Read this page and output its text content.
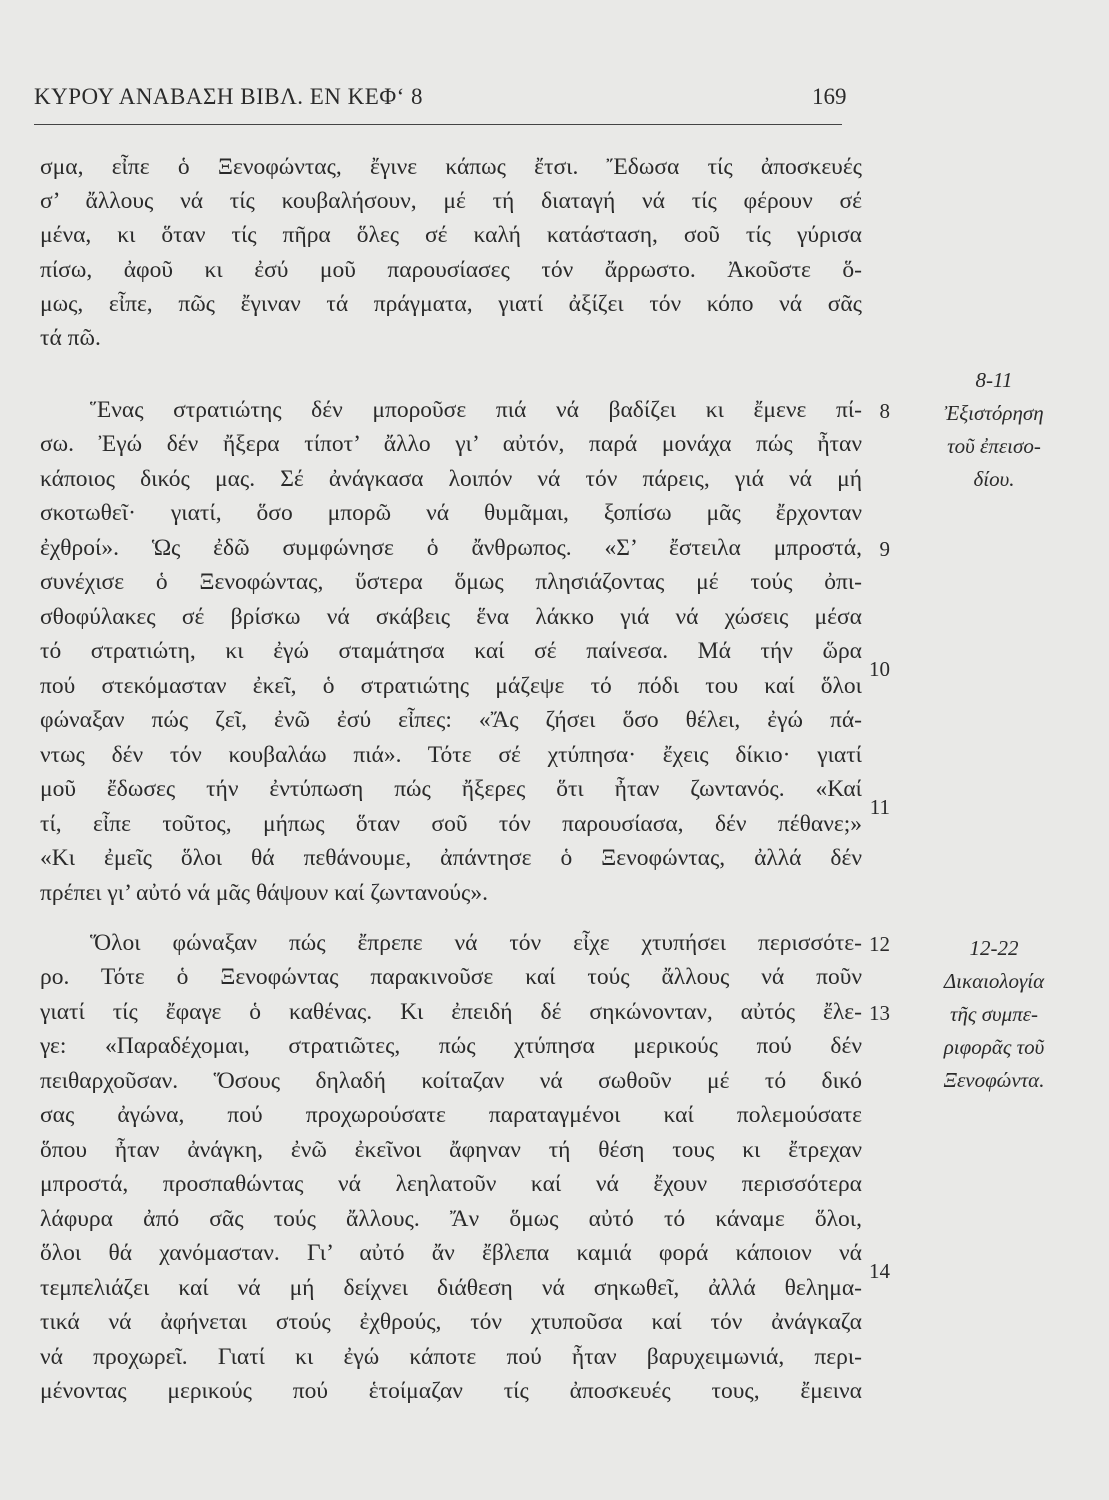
ΚΥΡΟΥ ΑΝΑΒΑΣΗ ΒΙΒΛ. ΕΝ ΚΕΦ‘ 8	169
σμα, εἶπε ὁ Ξενοφώντας, ἔγινε κάπως ἔτσι. Ἔδωσα τίς ἀποσκευές
σ’ ἄλλους νά τίς κουβαλήσουν, μέ τή διαταγή νά τίς φέρουν σέ
μένα, κι ὅταν τίς πῆρα ὅλες σέ καλή κατάσταση, σοῦ τίς γύρισα
πίσω, ἀφοῦ κι ἐσύ μοῦ παρουσίασες τόν ἄρρωστο. Ἀκοῦστε ὅ-
μως, εἶπε, πῶς ἔγιναν τά πράγματα, γιατί ἀξίζει τόν κόπο νά σᾶς
τά πῶ.
Ἕνας στρατιώτης δέν μποροῦσε πιά νά βαδίζει κι ἔμενε πί-
σω. Ἐγώ δέν ἤξερα τίποτ’ ἄλλο γι’ αὐτόν, παρά μονάχα πώς ἦταν
κάποιος δικός μας. Σέ ἀνάγκασα λοιπόν νά τόν πάρεις, γιά νά μή
σκοτωθεῖ· γιατί, ὅσο μπορῶ νά θυμᾶμαι, ξοπίσω μᾶς ἔρχονταν
ἐχθροί». Ὡς ἐδῶ συμφώνησε ὁ ἄνθρωπος. «Σ’ ἔστειλα μπροστά,
συνέχισε ὁ Ξενοφώντας, ὕστερα ὅμως πλησιάζοντας μέ τούς ὀπι-
σθοφύλακες σέ βρίσκω νά σκάβεις ἕνα λάκκο γιά νά χώσεις μέσα
τό στρατιώτη, κι ἐγώ σταμάτησα καί σέ παίνεσα. Μά τήν ὥρα
πού στεκόμασταν ἐκεῖ, ὁ στρατιώτης μάζεψε τό πόδι του καί ὅλοι
φώναξαν πώς ζεῖ, ἐνῶ ἐσύ εἶπες: «Ἄς ζήσει ὅσο θέλει, ἐγώ πά-
ντως δέν τόν κουβαλάω πιά». Τότε σέ χτύπησα· ἔχεις δίκιο· γιατί
μοῦ ἔδωσες τήν ἐντύπωση πώς ἤξερες ὅτι ἦταν ζωντανός. «Καί
τί, εἶπε τοῦτος, μήπως ὅταν σοῦ τόν παρουσίασα, δέν πέθανε;»
«Κι ἐμεῖς ὅλοι θά πεθάνουμε, ἀπάντησε ὁ Ξενοφώντας, ἀλλά δέν
πρέπει γι’ αὐτό νά μᾶς θάψουν καί ζωντανούς».
Ὅλοι φώναξαν πώς ἔπρεπε νά τόν εἶχε χτυπήσει περισσότε-
ρο. Τότε ὁ Ξενοφώντας παρακινοῦσε καί τούς ἄλλους νά ποῦν
γιατί τίς ἔφαγε ὁ καθένας. Κι ἐπειδή δέ σηκώνονταν, αὐτός ἔλε-
γε: «Παραδέχομαι, στρατιῶτες, πώς χτύπησα μερικούς πού δέν
πειθαρχοῦσαν. Ὅσους δηλαδή κοίταζαν νά σωθοῦν μέ τό δικό
σας ἀγώνα, πού προχωρούσατε παραταγμένοι καί πολεμούσατε
ὅπου ἦταν ἀνάγκη, ἐνῶ ἐκεῖνοι ἄφηναν τή θέση τους κι ἔτρεχαν
μπροστά, προσπαθώντας νά λεηλατοῦν καί νά ἔχουν περισσότερα
λάφυρα ἀπό σᾶς τούς ἄλλους. Ἄν ὅμως αὐτό τό κάναμε ὅλοι,
ὅλοι θά χανόμασταν. Γι’ αὐτό ἄν ἔβλεπα καμιά φορά κάποιον νά
τεμπελιάζει καί νά μή δείχνει διάθεση νά σηκωθεῖ, ἀλλά θελημα-
τικά νά ἀφήνεται στούς ἐχθρούς, τόν χτυποῦσα καί τόν ἀνάγκαζα
νά προχωρεῖ. Γιατί κι ἐγώ κάποτε πού ἦταν βαρυχειμωνιά, περι-
μένοντας μερικούς πού ἑτοίμαζαν τίς ἀποσκευές τους, ἔμεινα
8
9
10
11
12
13
14
8-11
Ἐξιστόρηση
τοῦ ἐπεισο-
δίου.
12-22
Δικαιολογία
τῆς συμπε-
ριφορᾶς τοῦ
Ξενοφώντα.
